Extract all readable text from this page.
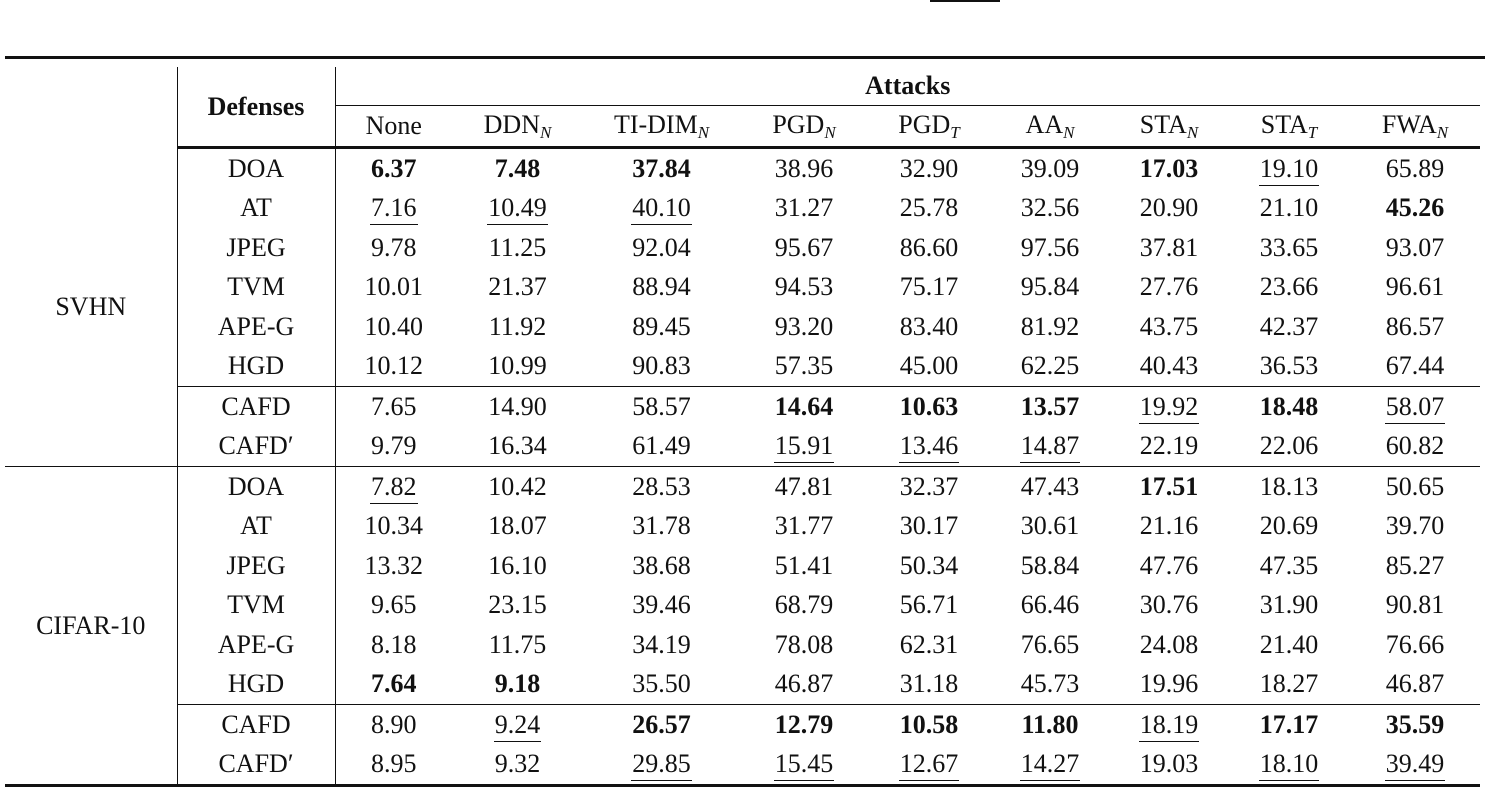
	Defenses	Attacks								
		None	$DDN_N$	$TI-DIM_N$	$PGD_N$	$PGD_T$	$AA_N$	$STA_N$	$STA_T$	$FWA_N$
SVHN	DOA	6.37	7.48	37.84	38.96	32.90	39.09	17.03	19.10	65.89
	AT	7.16	10.49	40.10	31.27	25.78	32.56	20.90	21.10	45.26
	JPEG	9.78	11.25	92.04	95.67	86.60	97.56	37.81	33.65	93.07
	TVM	10.01	21.37	88.94	94.53	75.17	95.84	27.76	23.66	96.61
	APE-G	10.40	11.92	89.45	93.20	83.40	81.92	43.75	42.37	86.57
	HGD	10.12	10.99	90.83	57.35	45.00	62.25	40.43	36.53	67.44
	CAFD	7.65	14.90	58.57	14.64	10.63	13.57	19.92	18.48	58.07
	CAFD′	9.79	16.34	61.49	15.91	13.46	14.87	22.19	22.06	60.82
CIFAR-10	DOA	7.82	10.42	28.53	47.81	32.37	47.43	17.51	18.13	50.65
	AT	10.34	18.07	31.78	31.77	30.17	30.61	21.16	20.69	39.70
	JPEG	13.32	16.10	38.68	51.41	50.34	58.84	47.76	47.35	85.27
	TVM	9.65	23.15	39.46	68.79	56.71	66.46	30.76	31.90	90.81
	APE-G	8.18	11.75	34.19	78.08	62.31	76.65	24.08	21.40	76.66
	HGD	7.64	9.18	35.50	46.87	31.18	45.73	19.96	18.27	46.87
	CAFD	8.90	9.24	26.57	12.79	10.58	11.80	18.19	17.17	35.59
	CAFD′	8.95	9.32	29.85	15.45	12.67	14.27	19.03	18.10	39.49
